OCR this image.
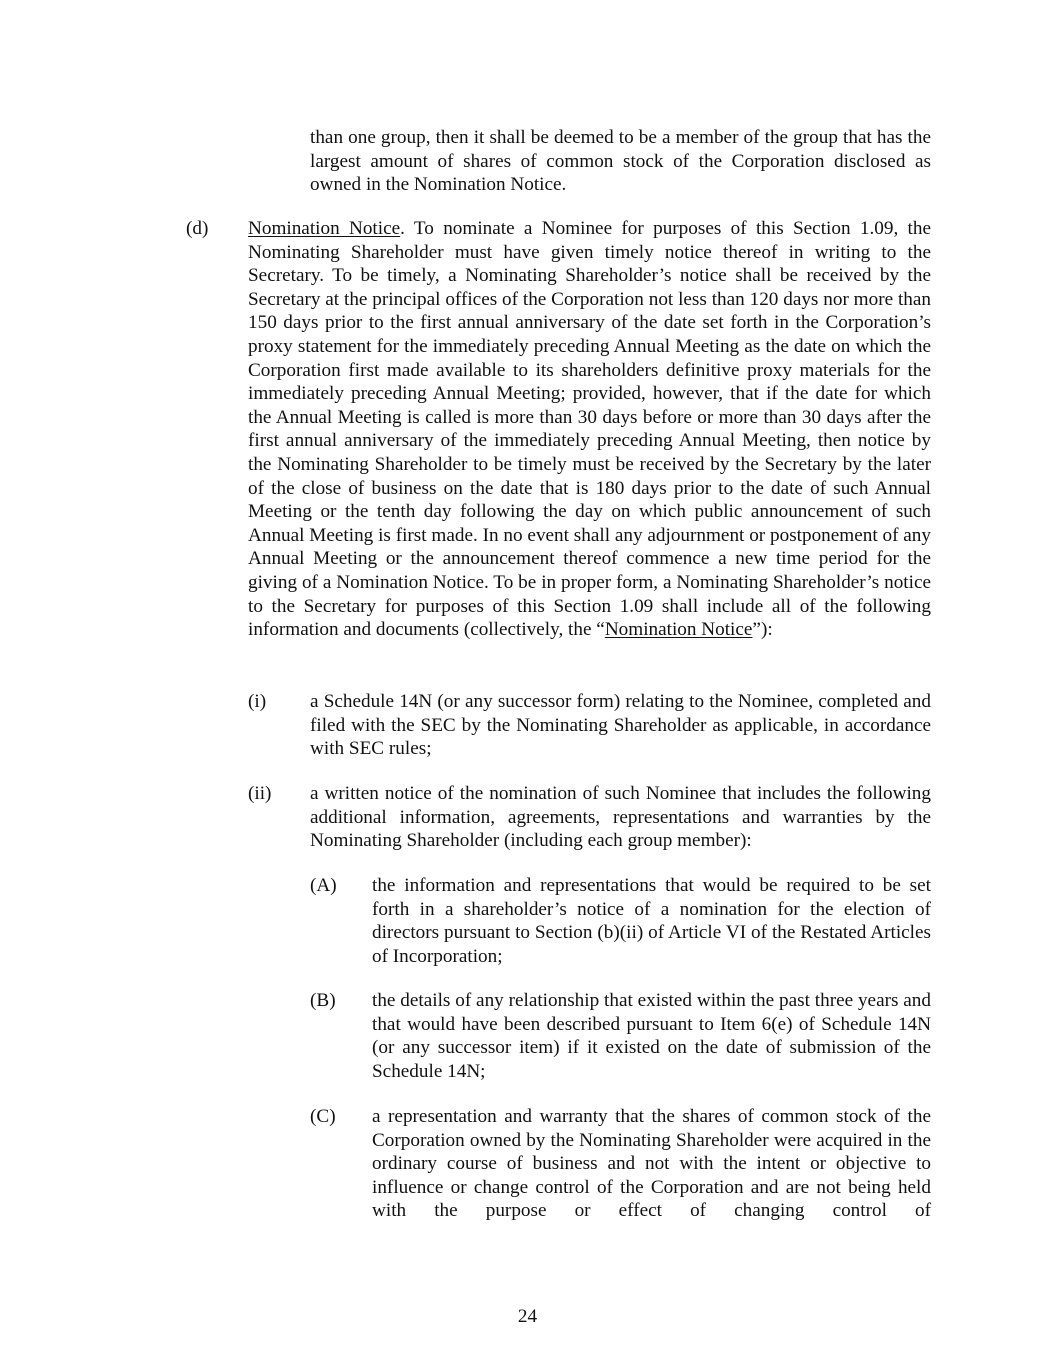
than one group, then it shall be deemed to be a member of the group that has the largest amount of shares of common stock of the Corporation disclosed as owned in the Nomination Notice.

(d) Nomination Notice. To nominate a Nominee for purposes of this Section 1.09, the Nominating Shareholder must have given timely notice thereof in writing to the Secretary. To be timely, a Nominating Shareholder’s notice shall be received by the Secretary at the principal offices of the Corporation not less than 120 days nor more than 150 days prior to the first annual anniversary of the date set forth in the Corporation’s proxy statement for the immediately preceding Annual Meeting as the date on which the Corporation first made available to its shareholders definitive proxy materials for the immediately preceding Annual Meeting; provided, however, that if the date for which the Annual Meeting is called is more than 30 days before or more than 30 days after the first annual anniversary of the immediately preceding Annual Meeting, then notice by the Nominating Shareholder to be timely must be received by the Secretary by the later of the close of business on the date that is 180 days prior to the date of such Annual Meeting or the tenth day following the day on which public announcement of such Annual Meeting is first made. In no event shall any adjournment or postponement of any Annual Meeting or the announcement thereof commence a new time period for the giving of a Nomination Notice. To be in proper form, a Nominating Shareholder’s notice to the Secretary for purposes of this Section 1.09 shall include all of the following information and documents (collectively, the “Nomination Notice”):

(i) a Schedule 14N (or any successor form) relating to the Nominee, completed and filed with the SEC by the Nominating Shareholder as applicable, in accordance with SEC rules;

(ii) a written notice of the nomination of such Nominee that includes the following additional information, agreements, representations and warranties by the Nominating Shareholder (including each group member):

(A) the information and representations that would be required to be set forth in a shareholder’s notice of a nomination for the election of directors pursuant to Section (b)(ii) of Article VI of the Restated Articles of Incorporation;

(B) the details of any relationship that existed within the past three years and that would have been described pursuant to Item 6(e) of Schedule 14N (or any successor item) if it existed on the date of submission of the Schedule 14N;

(C) a representation and warranty that the shares of common stock of the Corporation owned by the Nominating Shareholder were acquired in the ordinary course of business and not with the intent or objective to influence or change control of the Corporation and are not being held with the purpose or effect of changing control of

24
